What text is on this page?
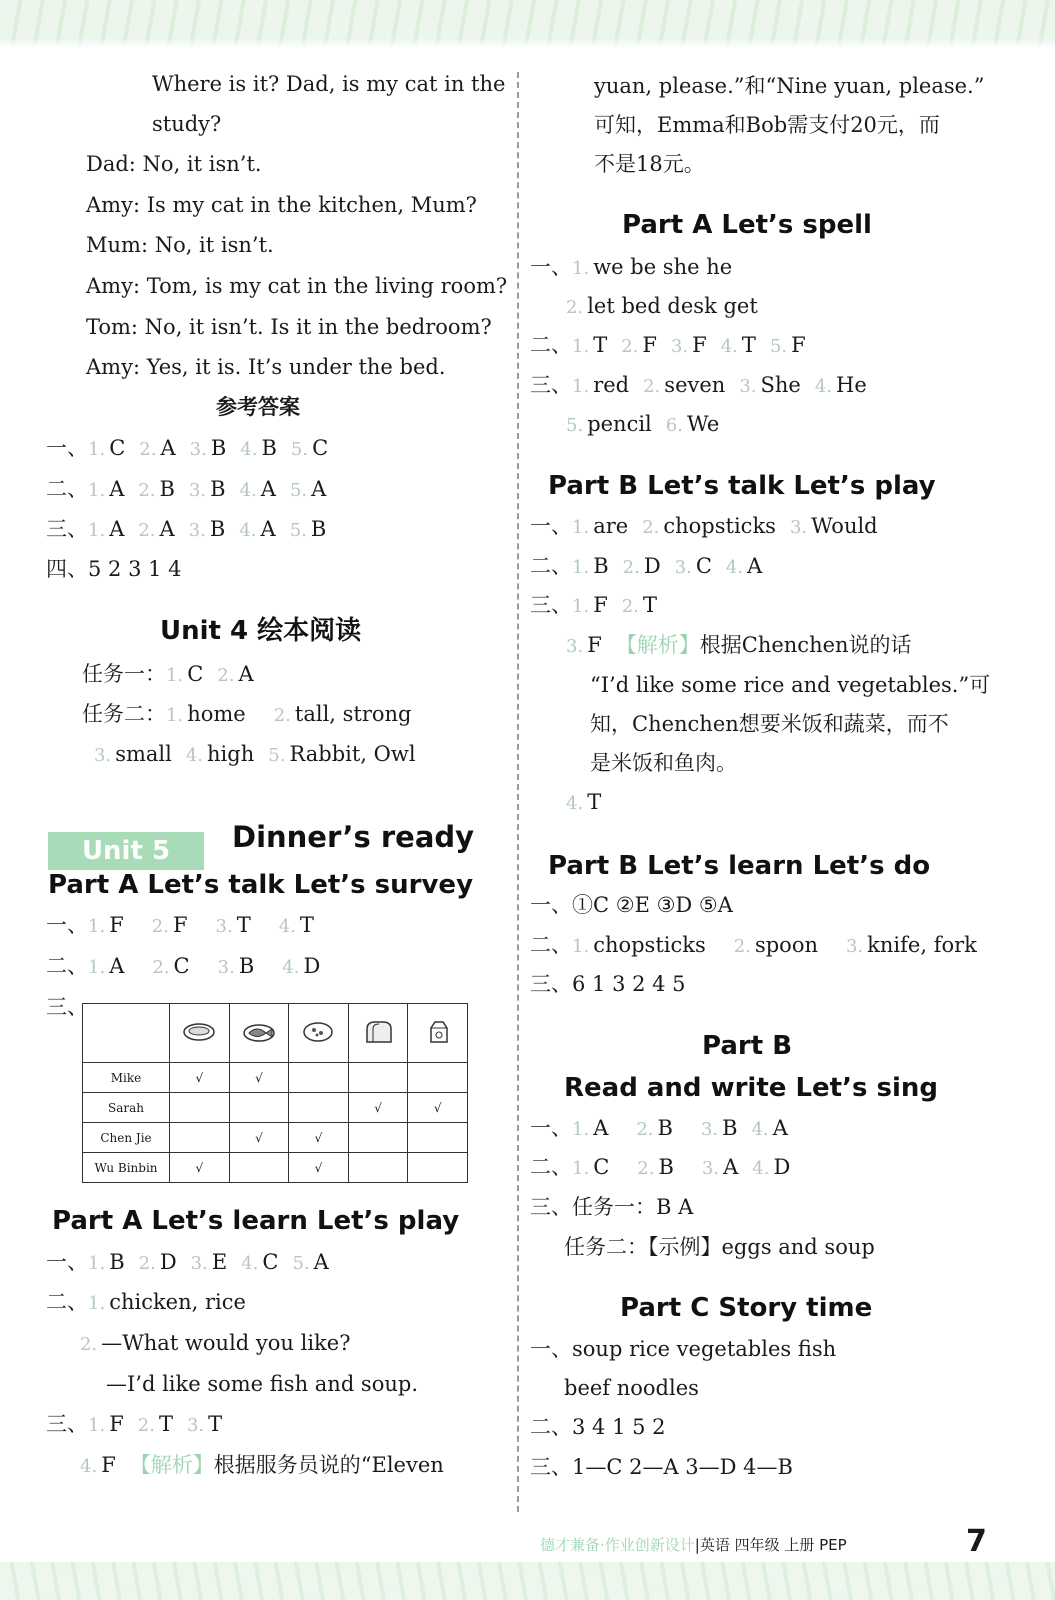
Where is it? Dad, is my cat in the
study?
Dad: No, it isn’t.
Amy: Is my cat in the kitchen, Mum?
Mum: No, it isn’t.
Amy: Tom, is my cat in the living room?
Tom: No, it isn’t. Is it in the bedroom?
Amy: Yes, it is. It’s under the bed.
参考答案
一、1. C 2. A 3. B 4. B 5. C
二、1. A 2. B 3. B 4. A 5. A
三、1. A 2. A 3. B 4. A 5. B
四、5 2 3 1 4
Unit 4 绘本阅读
任务一：1. C 2. A
任务二：1. home 2. tall, strong
3. small 4. high 5. Rabbit, Owl
Unit 5	Dinner’s ready
Part A Let’s talk Let’s survey
一、1. F 2. F 3. T 4. T
二、1. A 2. C 3. B 4. D
三、

Mike	√	√			
Sarah				√	√
Chen Jie		√	√		
Wu Binbin	√		√		
Part A Let’s learn Let’s play
一、1. B 2. D 3. E 4. C 5. A
二、1. chicken, rice
2. —What would you like?
—I’d like some fish and soup.
三、1. F 2. T 3. T
4. F 【解析】根据服务员说的“Eleven
yuan, please.”和“Nine yuan, please.”
可知，Emma和Bob需支付20元，而
不是18元。
Part A Let’s spell
一、1. we be she he
2. let bed desk get
二、1. T 2. F 3. F 4. T 5. F
三、1. red 2. seven 3. She 4. He
5. pencil 6. We
Part B Let’s talk Let’s play
一、1. are 2. chopsticks 3. Would
二、1. B 2. D 3. C 4. A
三、1. F 2. T
3. F 【解析】根据Chenchen说的话
“I’d like some rice and vegetables.”可
知，Chenchen想要米饭和蔬菜，而不
是米饭和鱼肉。
4. T
Part B Let’s learn Let’s do
一、①C ②E ③D ⑤A
二、1. chopsticks 2. spoon 3. knife, fork
三、6 1 3 2 4 5
Part B
Read and write Let’s sing
一、1. A 2. B 3. B 4. A
二、1. C 2. B 3. A 4. D
三、任务一：B A
任务二：【示例】eggs and soup
Part C Story time
一、soup rice vegetables fish
beef noodles
二、3 4 1 5 2
三、1—C 2—A 3—D 4—B
德才兼备·作业创新设计|英语 四年级 上册 PEP	7
